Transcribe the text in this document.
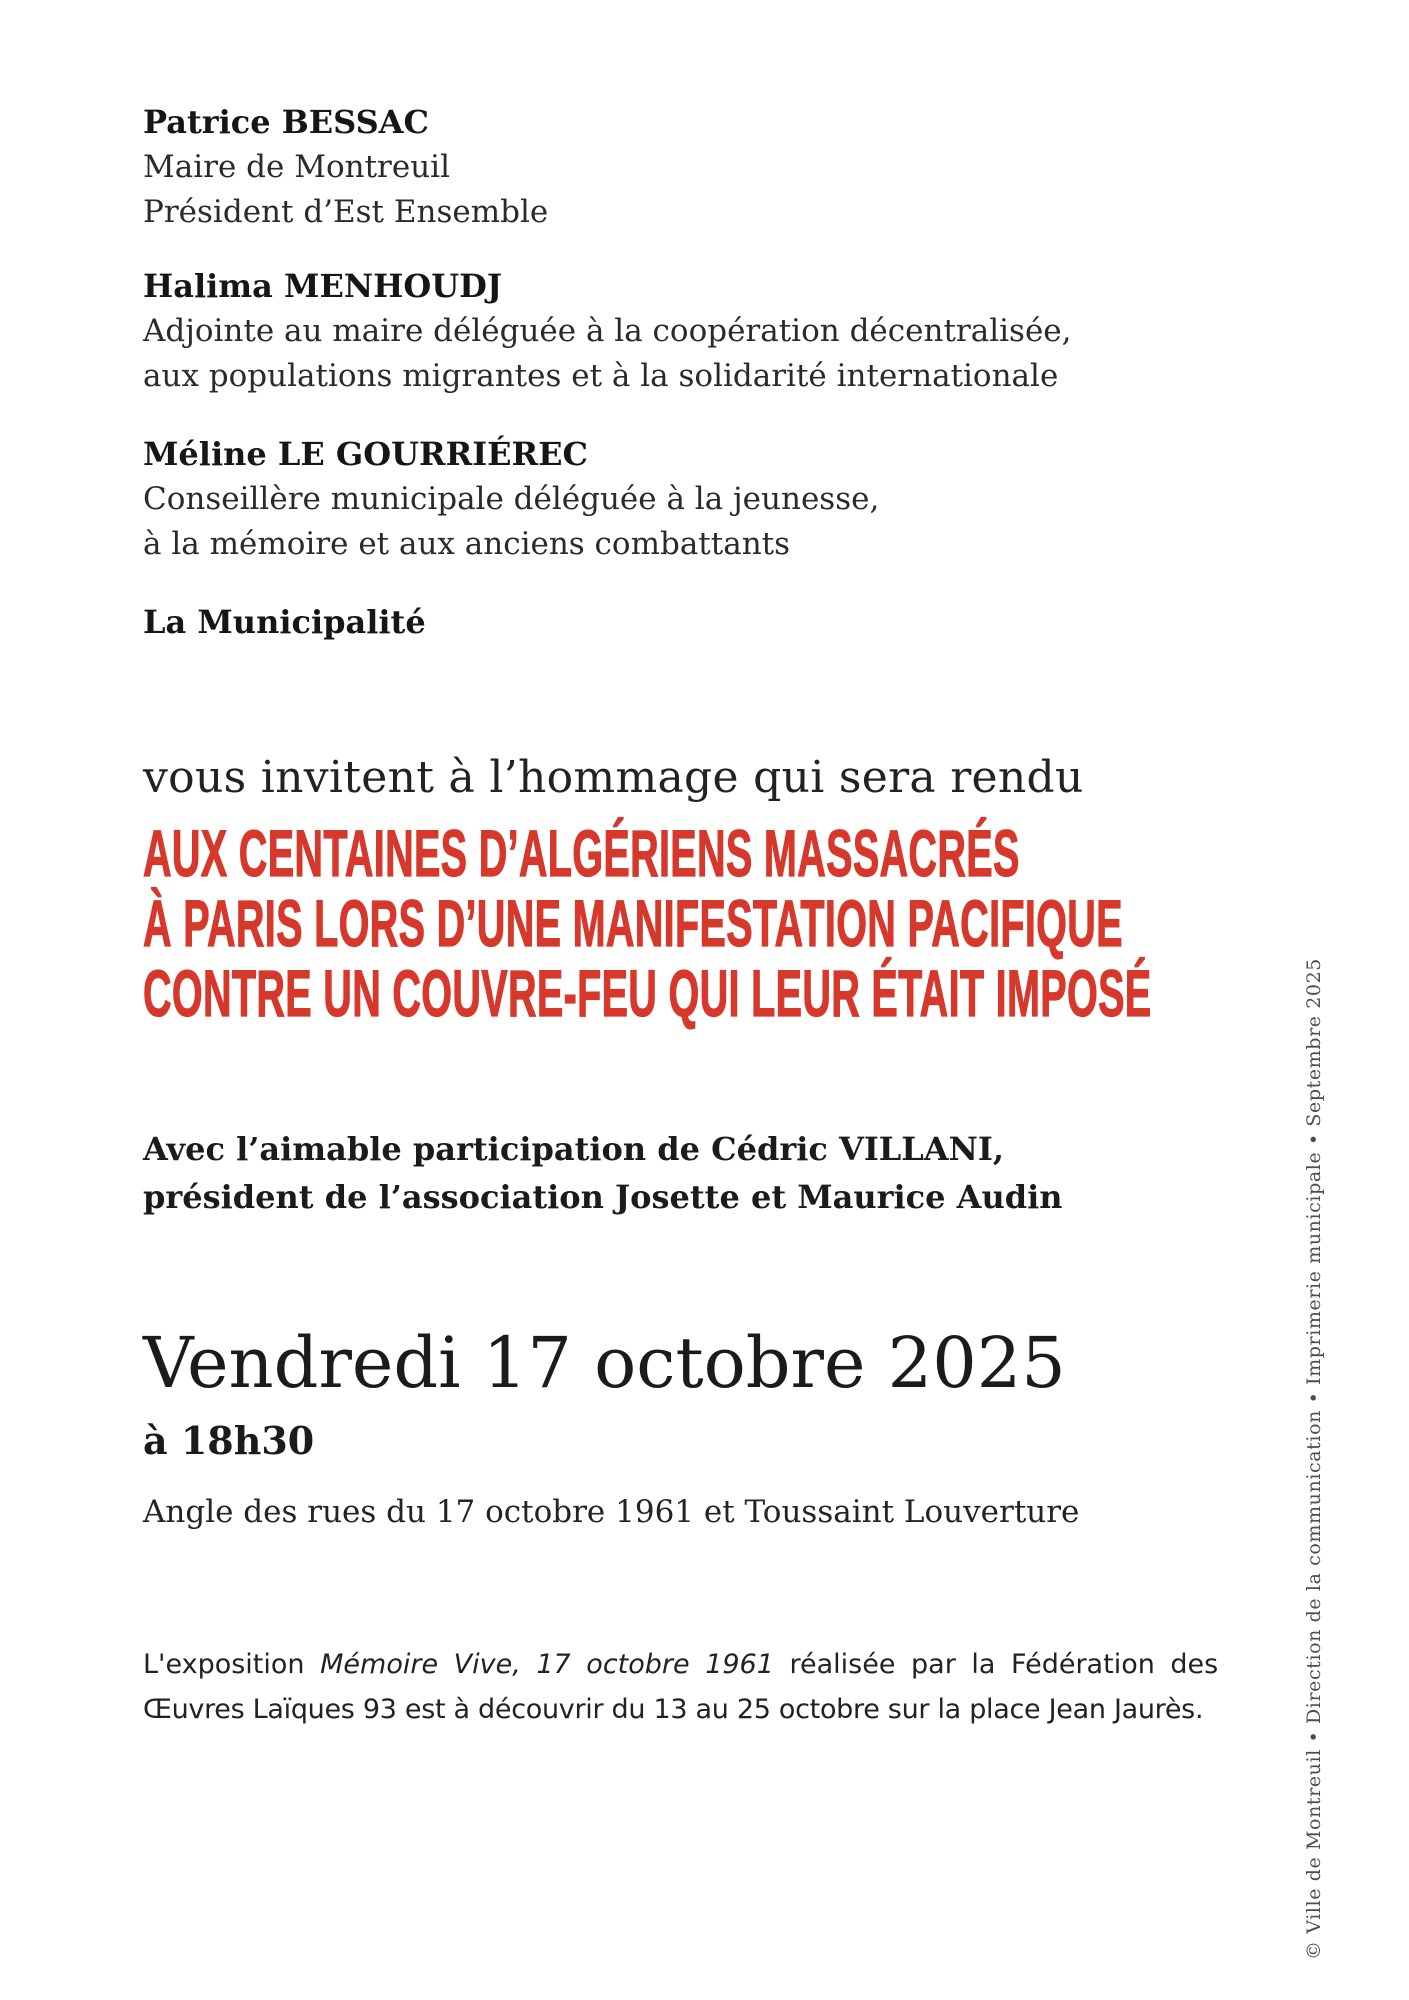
Patrice BESSAC
Maire de Montreuil
Président d’Est Ensemble
Halima MENHOUDJ
Adjointe au maire déléguée à la coopération décentralisée,
aux populations migrantes et à la solidarité internationale
Méline LE GOURRIÉREC
Conseillère municipale déléguée à la jeunesse,
à la mémoire et aux anciens combattants
La Municipalité
vous invitent à l’hommage qui sera rendu
AUX CENTAINES D’ALGÉRIENS MASSACRÉS
À PARIS LORS D’UNE MANIFESTATION PACIFIQUE
CONTRE UN COUVRE-FEU QUI LEUR ÉTAIT IMPOSÉ
Avec l’aimable participation de Cédric VILLANI,
président de l’association Josette et Maurice Audin
Vendredi 17 octobre 2025
à 18h30
Angle des rues du 17 octobre 1961 et Toussaint Louverture
L'exposition Mémoire Vive, 17 octobre 1961 réalisée par la Fédération des
Œuvres Laïques 93 est à découvrir du 13 au 25 octobre sur la place Jean Jaurès.	© Ville de Montreuil • Direction de la communication • Imprimerie municipale • Septembre 2025
